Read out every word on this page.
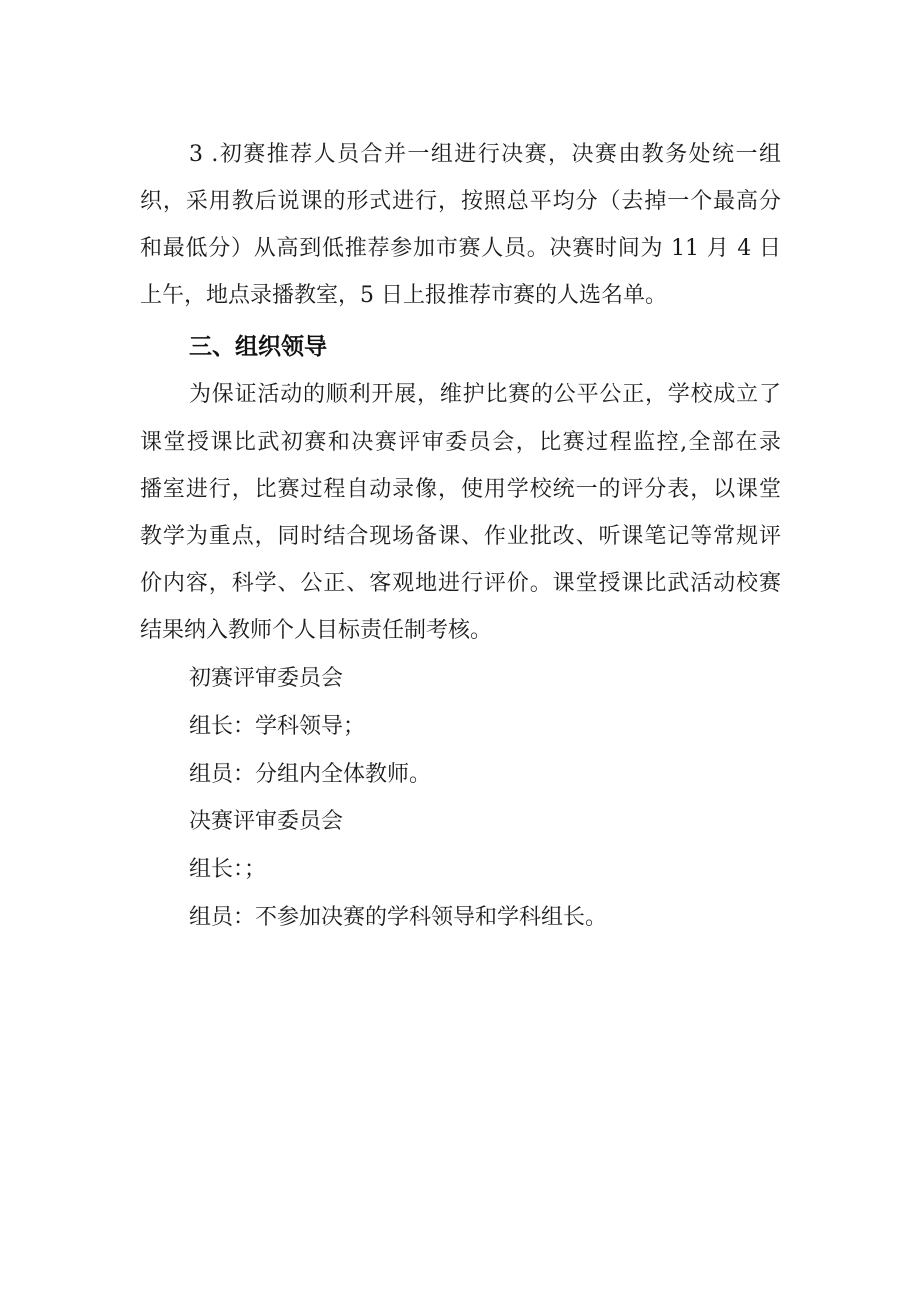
3 .初赛推荐人员合并一组进行决赛，决赛由教务处统一组

织，采用教后说课的形式进行，按照总平均分（去掉一个最高分

和最低分）从高到低推荐参加市赛人员。决赛时间为 11 月 4 日

上午，地点录播教室，5 日上报推荐市赛的人选名单。

三、组织领导

为保证活动的顺利开展，维护比赛的公平公正，学校成立了

课堂授课比武初赛和决赛评审委员会，比赛过程监控,全部在录

播室进行，比赛过程自动录像，使用学校统一的评分表，以课堂

教学为重点，同时结合现场备课、作业批改、听课笔记等常规评

价内容，科学、公正、客观地进行评价。课堂授课比武活动校赛

结果纳入教师个人目标责任制考核。

初赛评审委员会

组长：学科领导；

组员：分组内全体教师。

决赛评审委员会

组长：；

组员：不参加决赛的学科领导和学科组长。
